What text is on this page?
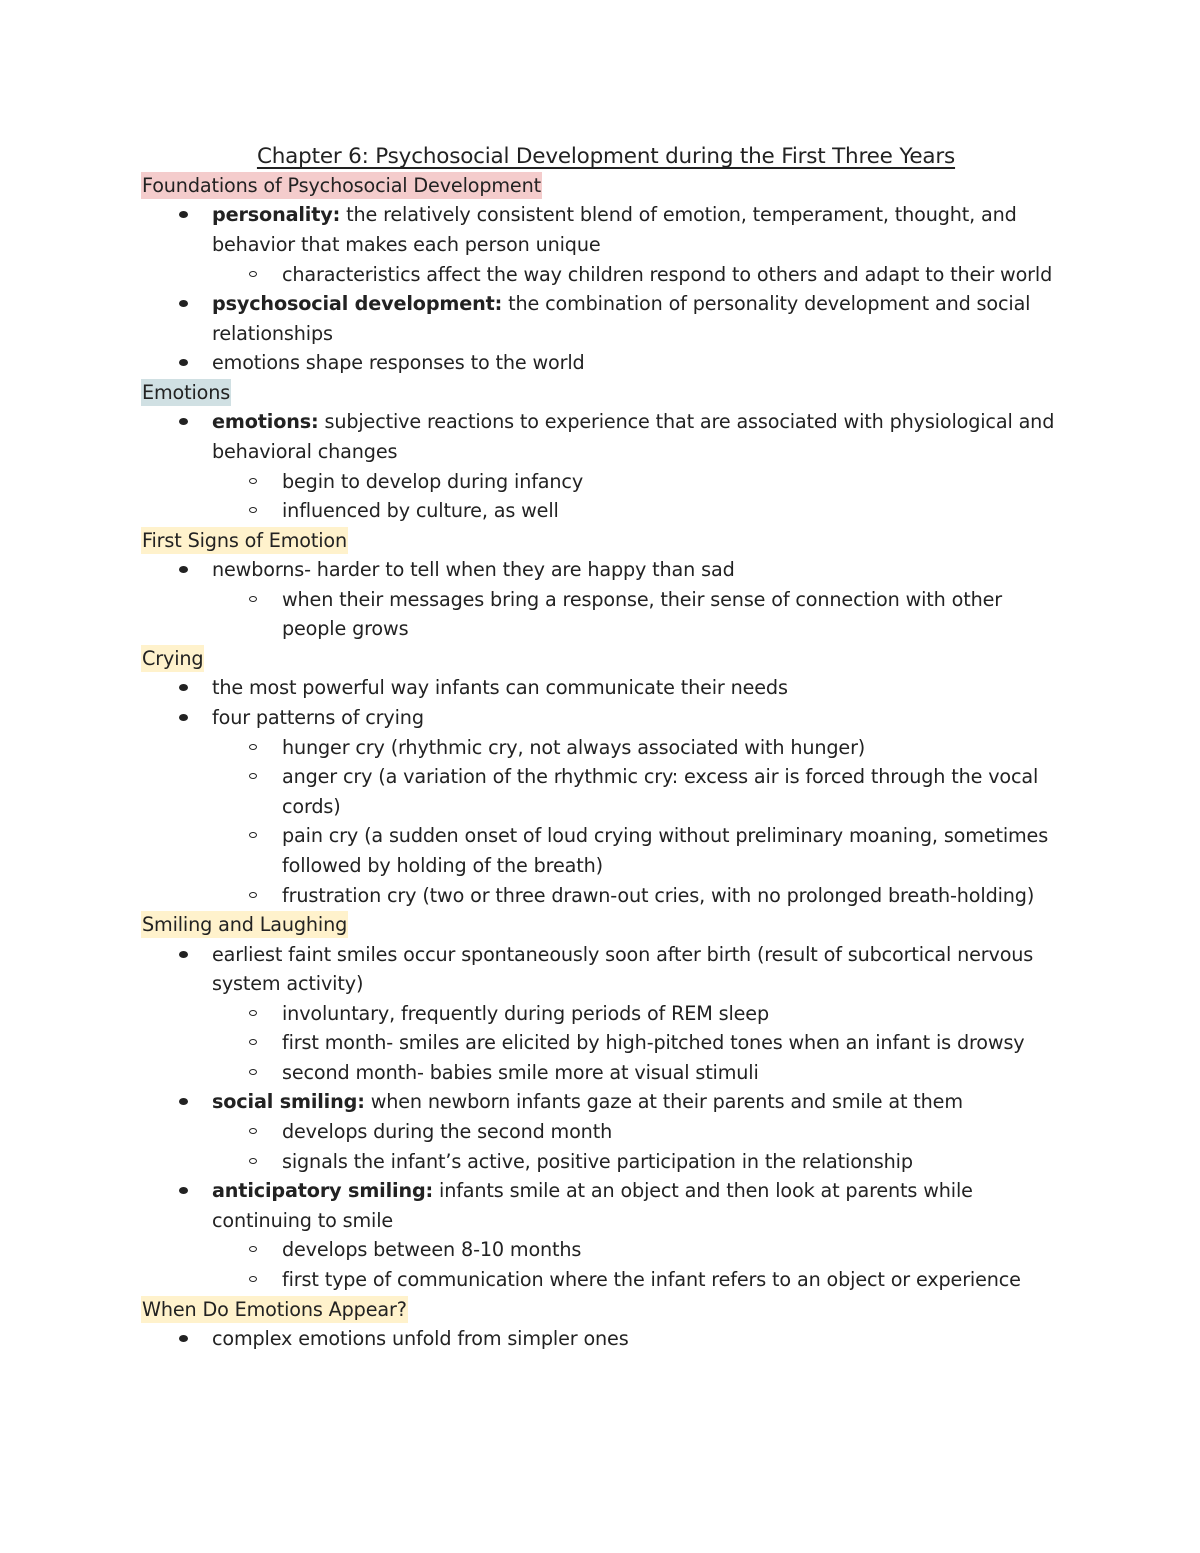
Chapter 6: Psychosocial Development during the First Three Years
Foundations of Psychosocial Development
personality: the relatively consistent blend of emotion, temperament, thought, and behavior that makes each person unique
characteristics affect the way children respond to others and adapt to their world
psychosocial development: the combination of personality development and social relationships
emotions shape responses to the world
Emotions
emotions: subjective reactions to experience that are associated with physiological and behavioral changes
begin to develop during infancy
influenced by culture, as well
First Signs of Emotion
newborns- harder to tell when they are happy than sad
when their messages bring a response, their sense of connection with other people grows
Crying
the most powerful way infants can communicate their needs
four patterns of crying
hunger cry (rhythmic cry, not always associated with hunger)
anger cry (a variation of the rhythmic cry: excess air is forced through the vocal cords)
pain cry (a sudden onset of loud crying without preliminary moaning, sometimes followed by holding of the breath)
frustration cry (two or three drawn-out cries, with no prolonged breath-holding)
Smiling and Laughing
earliest faint smiles occur spontaneously soon after birth (result of subcortical nervous system activity)
involuntary, frequently during periods of REM sleep
first month- smiles are elicited by high-pitched tones when an infant is drowsy
second month- babies smile more at visual stimuli
social smiling: when newborn infants gaze at their parents and smile at them
develops during the second month
signals the infant’s active, positive participation in the relationship
anticipatory smiling: infants smile at an object and then look at parents while continuing to smile
develops between 8-10 months
first type of communication where the infant refers to an object or experience
When Do Emotions Appear?
complex emotions unfold from simpler ones
